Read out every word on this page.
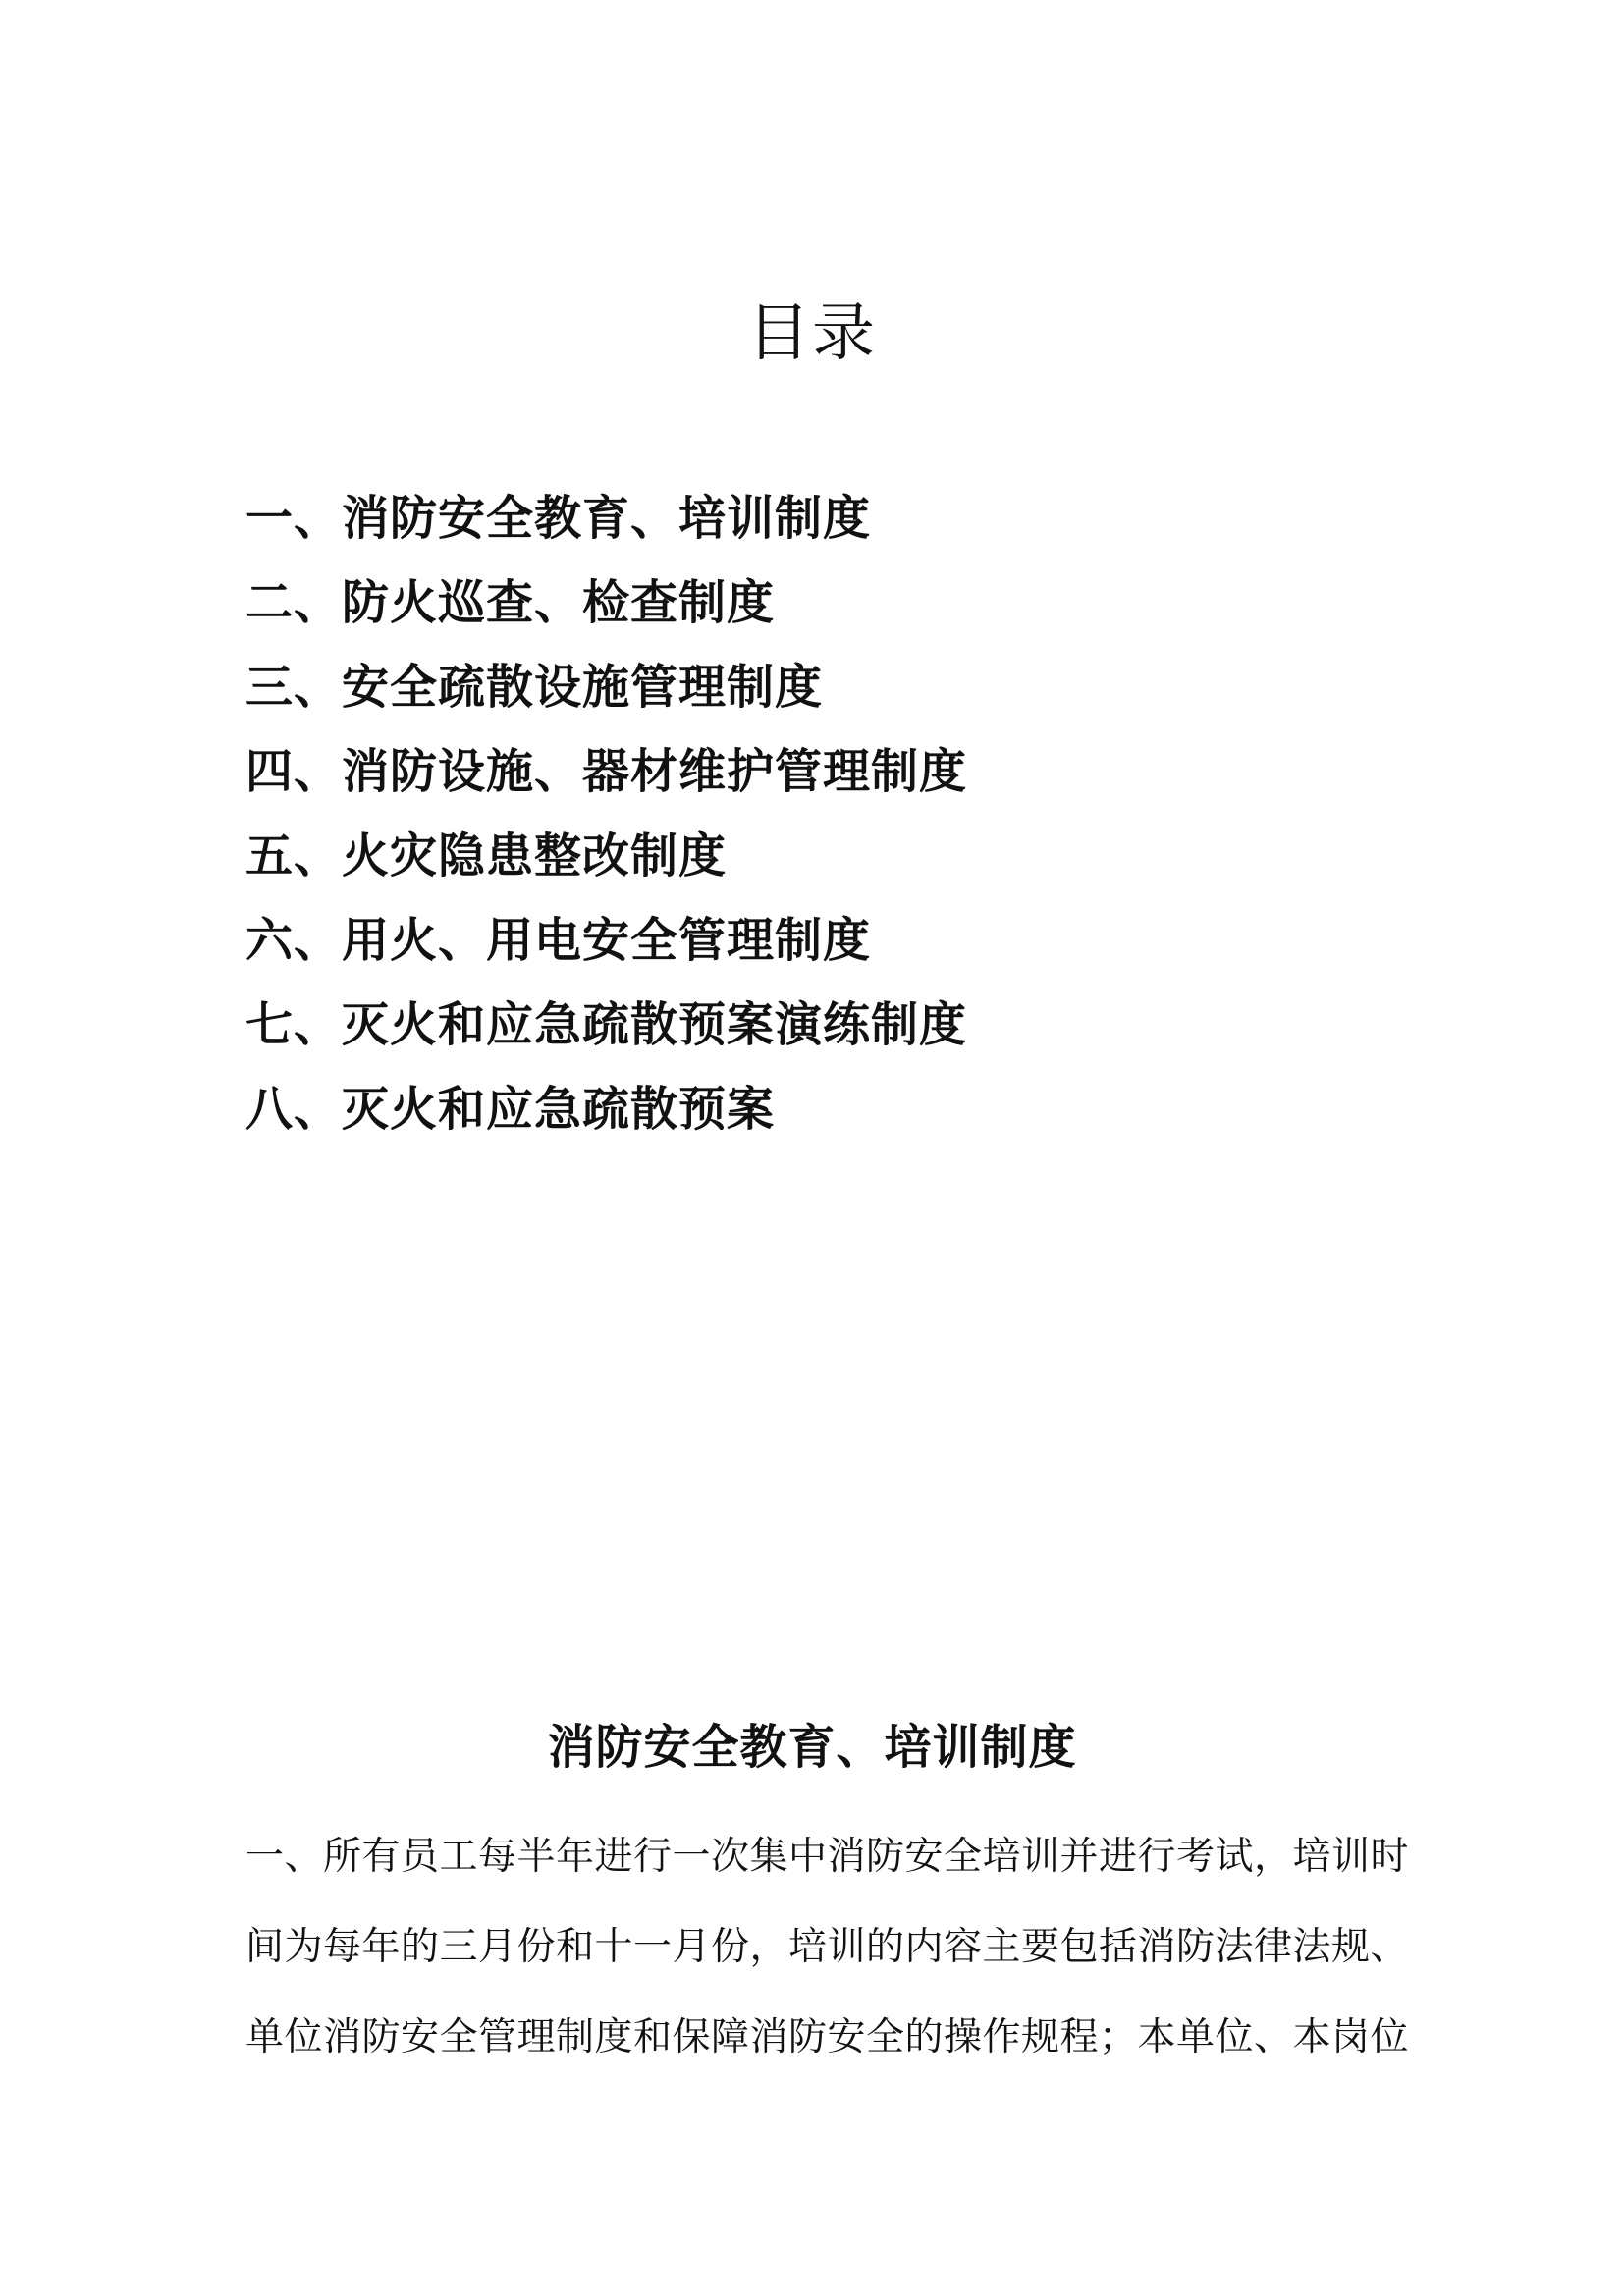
目录
一、消防安全教育、培训制度
二、防火巡查、检查制度
三、安全疏散设施管理制度
四、消防设施、器材维护管理制度
五、火灾隐患整改制度
六、用火、用电安全管理制度
七、灭火和应急疏散预案演练制度
八、灭火和应急疏散预案
消防安全教育、培训制度
一、所有员工每半年进行一次集中消防安全培训并进行考试，培训时
间为每年的三月份和十一月份，培训的内容主要包括消防法律法规、
单位消防安全管理制度和保障消防安全的操作规程；本单位、本岗位
